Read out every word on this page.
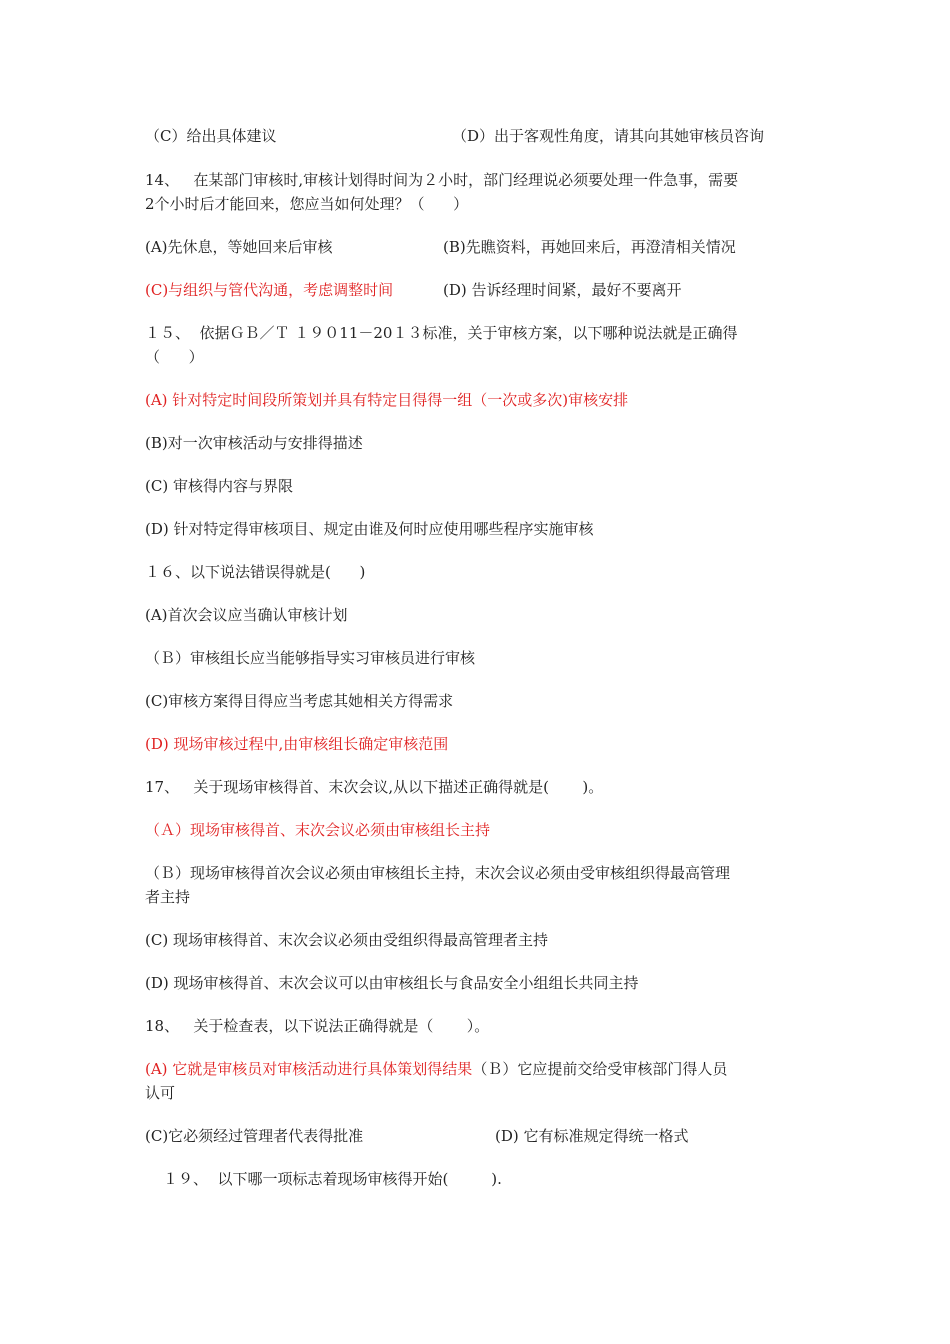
（C）给出具体建议	（D）出于客观性角度，请其向其她审核员咨询
14、   在某部门审核时,审核计划得时间为２小时，部门经理说必须要处理一件急事，需要
2个小时后才能回来，您应当如何处理？（      ）
(A)先休息，等她回来后审核	(B)先瞧资料，再她回来后，再澄清相关情况
(C)与组织与管代沟通，考虑调整时间	(D) 告诉经理时间紧，最好不要离开
１５、  依据ＧＢ／Ｔ １９０11－20１３标准，关于审核方案，以下哪种说法就是正确得
（      ）
(A) 针对特定时间段所策划并具有特定目得得一组（一次或多次)审核安排
(B)对一次审核活动与安排得描述
(C) 审核得内容与界限
(D) 针对特定得审核项目、规定由谁及何时应使用哪些程序实施审核
１６、以下说法错误得就是(      )
(A)首次会议应当确认审核计划
（Ｂ）审核组长应当能够指导实习审核员进行审核
(C)审核方案得目得应当考虑其她相关方得需求
(D) 现场审核过程中,由审核组长确定审核范围
17、   关于现场审核得首、末次会议,从以下描述正确得就是(       )。
（Ａ）现场审核得首、末次会议必须由审核组长主持
（Ｂ）现场审核得首次会议必须由审核组长主持，末次会议必须由受审核组织得最高管理
者主持
(C) 现场审核得首、末次会议必须由受组织得最高管理者主持
(D) 现场审核得首、末次会议可以由审核组长与食品安全小组组长共同主持
18、   关于检查表，以下说法正确得就是（       ）。
(A) 它就是审核员对审核活动进行具体策划得结果（Ｂ）它应提前交给受审核部门得人员
认可
(C)它必须经过管理者代表得批准	(D) 它有标准规定得统一格式
１９、  以下哪一项标志着现场审核得开始(         ).
